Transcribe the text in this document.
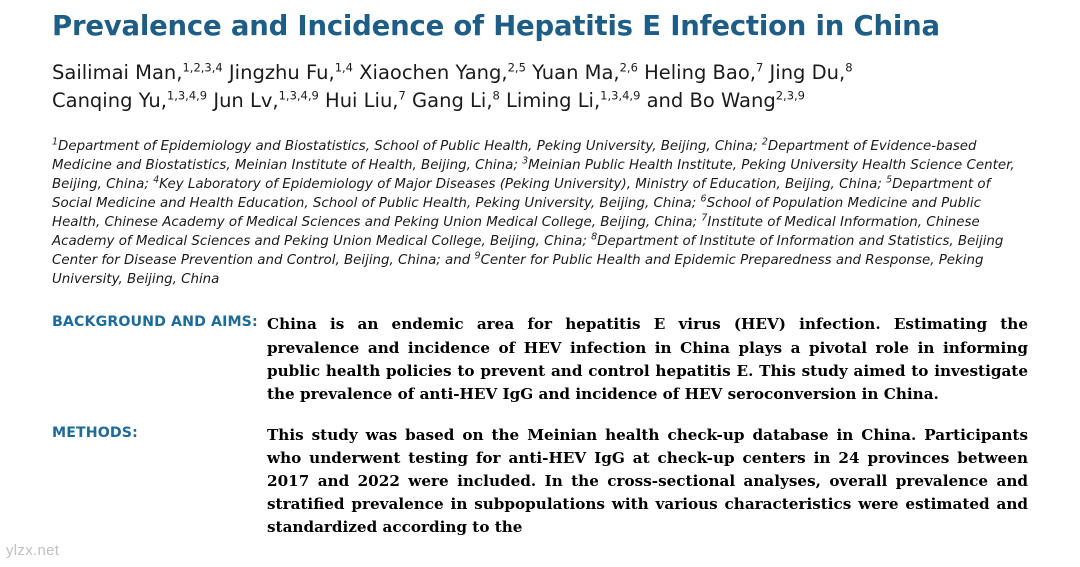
Prevalence and Incidence of Hepatitis E Infection in China
Sailimai Man,$^{1,2,3,4}$ Jingzhu Fu,$^{1,4}$ Xiaochen Yang,$^{2,5}$ Yuan Ma,$^{2,6}$ Heling Bao,$^7$ Jing Du,$^8$ Canqing Yu,$^{1,3,4,9}$ Jun Lv,$^{1,3,4,9}$ Hui Liu,$^7$ Gang Li,$^8$ Liming Li,$^{1,3,4,9}$ and Bo Wang$^{2,3,9}$
$^1$Department of Epidemiology and Biostatistics, School of Public Health, Peking University, Beijing, China; $^2$Department of Evidence-based Medicine and Biostatistics, Meinian Institute of Health, Beijing, China; $^3$Meinian Public Health Institute, Peking University Health Science Center, Beijing, China; $^4$Key Laboratory of Epidemiology of Major Diseases (Peking University), Ministry of Education, Beijing, China; $^5$Department of Social Medicine and Health Education, School of Public Health, Peking University, Beijing, China; $^6$School of Population Medicine and Public Health, Chinese Academy of Medical Sciences and Peking Union Medical College, Beijing, China; $^7$Institute of Medical Information, Chinese Academy of Medical Sciences and Peking Union Medical College, Beijing, China; $^8$Department of Institute of Information and Statistics, Beijing Center for Disease Prevention and Control, Beijing, China; and $^9$Center for Public Health and Epidemic Preparedness and Response, Peking University, Beijing, China
BACKGROUND AND AIMS: China is an endemic area for hepatitis E virus (HEV) infection. Estimating the prevalence and incidence of HEV infection in China plays a pivotal role in informing public health policies to prevent and control hepatitis E. This study aimed to investigate the prevalence of anti-HEV IgG and incidence of HEV seroconversion in China.
METHODS:	This study was based on the Meinian health check-up database in China. Participants who underwent testing for anti-HEV IgG at check-up centers in 24 provinces between 2017 and 2022 were included. In the cross-sectional analyses, overall prevalence and stratified prevalence in subpopulations with various characteristics were estimated and standardized according to the
ylzx.net
